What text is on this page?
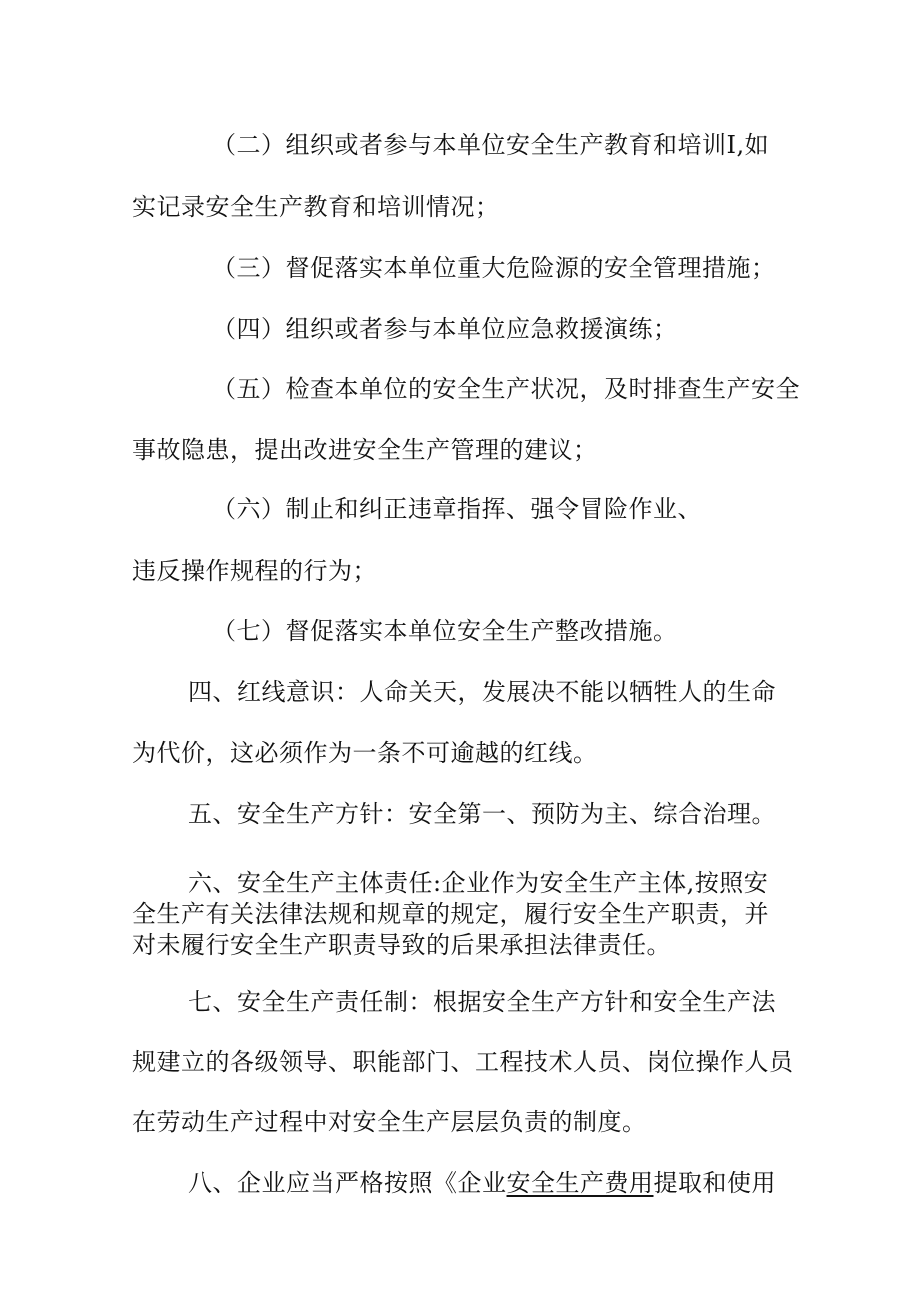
（二）组织或者参与本单位安全生产教育和培训Ⅰ,如
实记录安全生产教育和培训情况；
（三）督促落实本单位重大危险源的安全管理措施；
（四）组织或者参与本单位应急救援演练；
（五）检查本单位的安全生产状况，及时排查生产安全
事故隐患，提出改进安全生产管理的建议；
（六）制止和纠正违章指挥、强令冒险作业、
违反操作规程的行为；
（七）督促落实本单位安全生产整改措施。
四、红线意识：人命关天，发展决不能以牺牲人的生命
为代价，这必须作为一条不可逾越的红线。
五、安全生产方针：安全第一、预防为主、综合治理。
六、安全生产主体责任:企业作为安全生产主体,按照安
全生产有关法律法规和规章的规定，履行安全生产职责，并
对未履行安全生产职责导致的后果承担法律责任。
七、安全生产责任制：根据安全生产方针和安全生产法
规建立的各级领导、职能部门、工程技术人员、岗位操作人员
在劳动生产过程中对安全生产层层负责的制度。
八、企业应当严格按照《企业安全生产费用提取和使用
